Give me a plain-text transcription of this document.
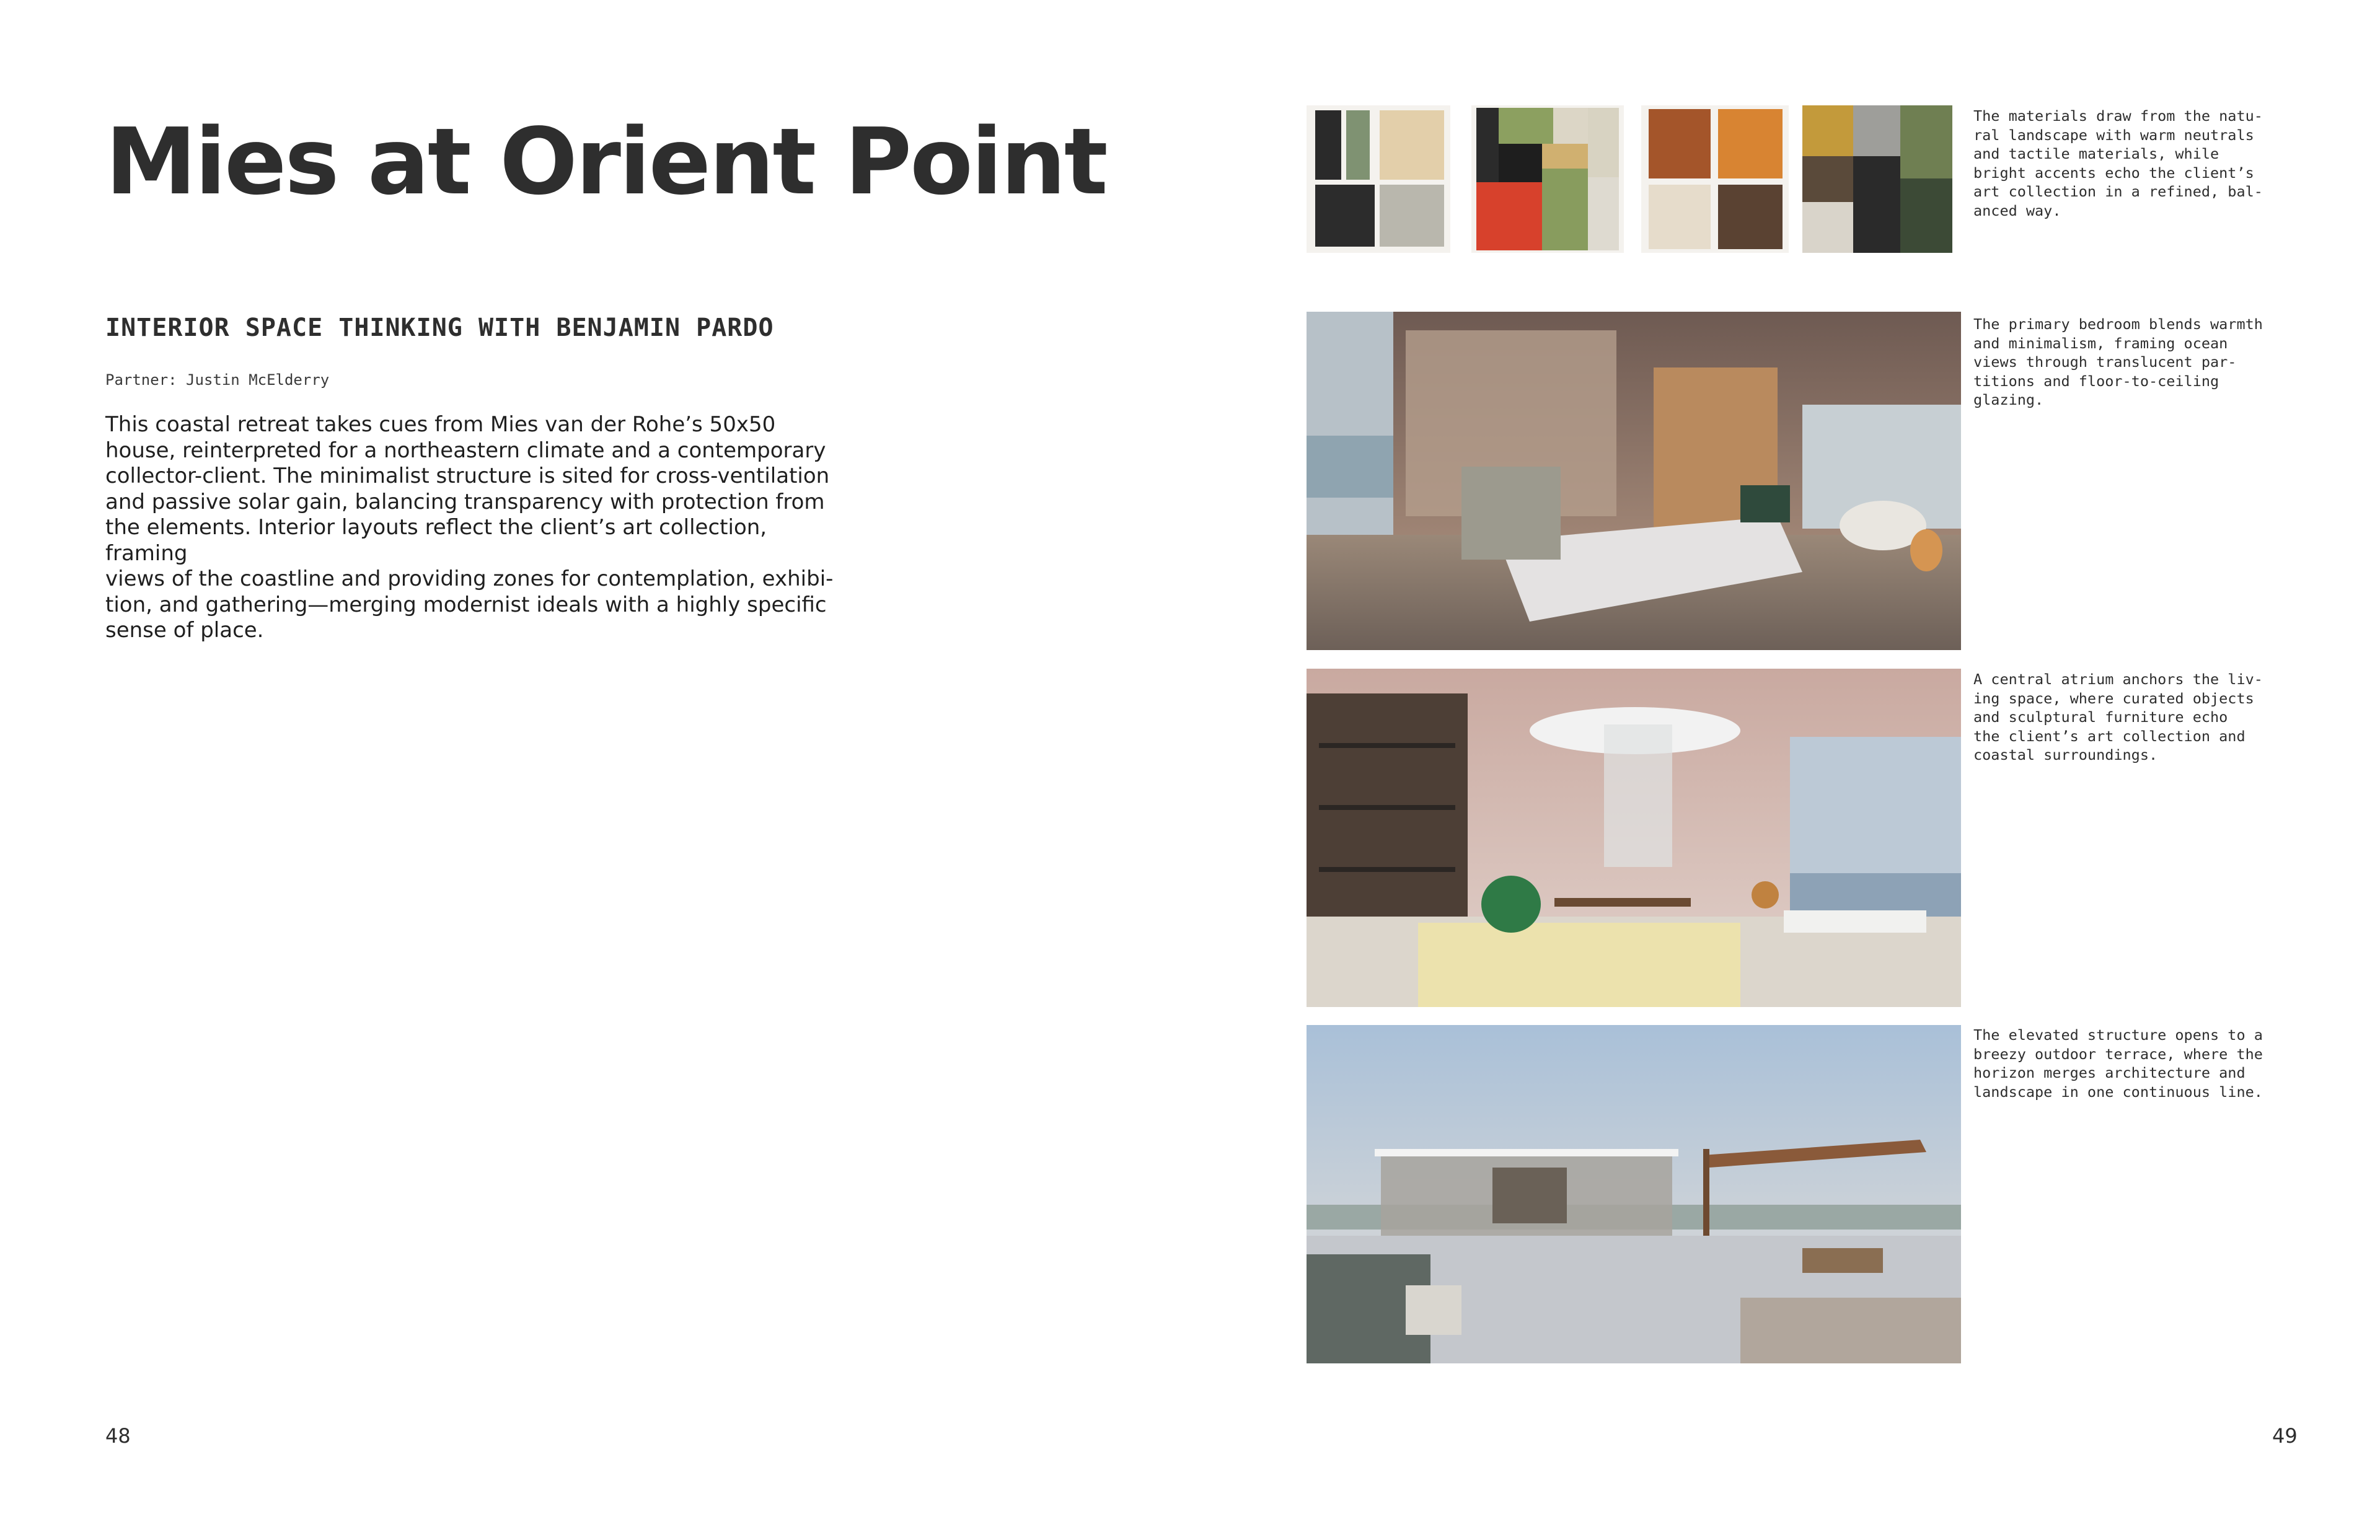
Mies at Orient Point
INTERIOR SPACE THINKING WITH BENJAMIN PARDO
Partner: Justin McElderry

This coastal retreat takes cues from Mies van der Rohe’s 50x50
house, reinterpreted for a northeastern climate and a contemporary
collector-client. The minimalist structure is sited for cross-ventilation
and passive solar gain, balancing transparency with protection from
the elements. Interior layouts reflect the client’s art collection, framing
views of the coastline and providing zones for contemplation, exhibi-
tion, and gathering—merging modernist ideals with a highly specific
sense of place.

The materials draw from the natu-
ral landscape with warm neutrals
and tactile materials, while
bright accents echo the client’s
art collection in a refined, bal-
anced way.

The primary bedroom blends warmth
and minimalism, framing ocean
views through translucent par-
titions and floor-to-ceiling
glazing.

A central atrium anchors the liv-
ing space, where curated objects
and sculptural furniture echo
the client’s art collection and
coastal surroundings.

The elevated structure opens to a
breezy outdoor terrace, where the
horizon merges architecture and
landscape in one continuous line.

48	49
